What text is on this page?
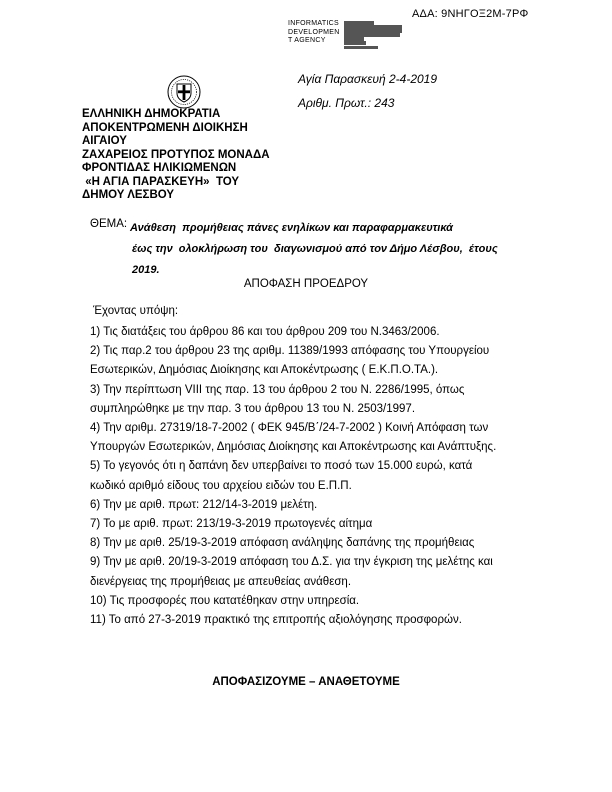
ΑΔΑ: 9ΝΗΓΟΞ2Μ-7ΡΦ
INFORMATICS
DEVELOPMEN
T AGENCY
Αγία Παρασκευή 2-4-2019
Αριθμ. Πρωτ.: 243
ΕΛΛΗΝΙΚΗ ΔΗΜΟΚΡΑΤΙΑ
ΑΠΟΚΕΝΤΡΩΜΕΝΗ ΔΙΟΙΚΗΣΗ
ΑΙΓΑΙΟΥ
ΖΑΧΑΡΕΙΟΣ ΠΡΟΤΥΠΟΣ ΜΟΝΑΔΑ
ΦΡΟΝΤΙΔΑΣ ΗΛΙΚΙΩΜΕΝΩΝ
«Η ΑΓΙΑ ΠΑΡΑΣΚΕΥΗ»  ΤΟΥ
ΔΗΜΟΥ ΛΕΣΒΟΥ
ΘΕΜΑ: Ανάθεση  προμήθειας πάνες ενηλίκων και παραφαρμακευτικά
έως την  ολοκλήρωση του  διαγωνισμού από τον Δήμο Λέσβου,  έτους
2019.
ΑΠΟΦΑΣΗ ΠΡΟΕΔΡΟΥ
Έχοντας υπόψη:
1) Τις διατάξεις του άρθρου 86 και του άρθρου 209 του Ν.3463/2006.
2) Τις παρ.2 του άρθρου 23 της αριθμ. 11389/1993 απόφασης του Υπουργείου
Εσωτερικών, Δημόσιας Διοίκησης και Αποκέντρωσης ( Ε.Κ.Π.Ο.ΤΑ.).
3) Την περίπτωση VIII της παρ. 13 του άρθρου 2 του Ν. 2286/1995, όπως
συμπληρώθηκε με την παρ. 3 του άρθρου 13 του Ν. 2503/1997.
4) Την αριθμ. 27319/18-7-2002 ( ΦΕΚ 945/Β΄/24-7-2002 ) Κοινή Απόφαση των
Υπουργών Εσωτερικών, Δημόσιας Διοίκησης και Αποκέντρωσης και Ανάπτυξης.
5) Το γεγονός ότι η δαπάνη δεν υπερβαίνει το ποσό των 15.000 ευρώ, κατά
κωδικό αριθμό είδους του αρχείου ειδών του Ε.Π.Π.
6) Την με αριθ. πρωτ: 212/14-3-2019 μελέτη.
7) Το με αριθ. πρωτ: 213/19-3-2019 πρωτογενές αίτημα
8) Την με αριθ. 25/19-3-2019 απόφαση ανάληψης δαπάνης της προμήθειας
9) Την με αριθ. 20/19-3-2019 απόφαση του Δ.Σ. για την έγκριση της μελέτης και
διενέργειας της προμήθειας με απευθείας ανάθεση.
10) Τις προσφορές που κατατέθηκαν στην υπηρεσία.
11) Το από 27-3-2019 πρακτικό της επιτροπής αξιολόγησης προσφορών.
ΑΠΟΦΑΣΙΖΟΥΜΕ – ΑΝΑΘΕΤΟΥΜΕ
